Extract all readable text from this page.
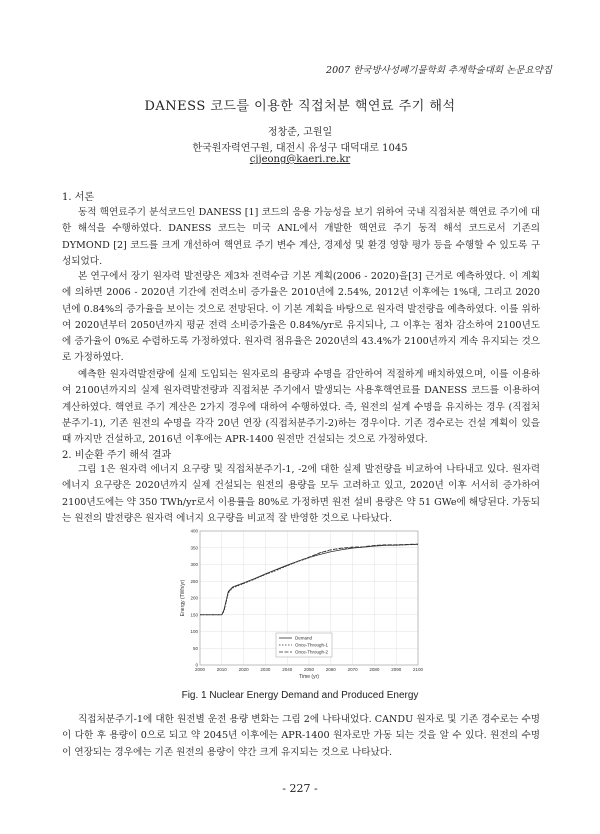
2007 한국방사성폐기물학회 추계학술대회 논문요약집
DANESS 코드를 이용한 직접처분 핵연료 주기 해석
정창준, 고원일
한국원자력연구원, 대전시 유성구 대덕대로 1045
cjjeong@kaeri.re.kr
1. 서론
동적 핵연료주기 분석코드인 DANESS [1] 코드의 응용 가능성을 보기 위하여 국내 직접처분 핵연료 주기에 대한 해석을 수행하였다. DANESS 코드는 미국 ANL에서 개발한 핵연료 주기 동적 해석 코드로서 기존의 DYMOND [2] 코드를 크게 개선하여 핵연료 주기 변수 계산, 경제성 및 환경 영향 평가 등을 수행할 수 있도록 구성되었다.
본 연구에서 장기 원자력 발전량은 제3차 전력수급 기본 계획(2006 - 2020)을[3] 근거로 예측하였다. 이 계획에 의하면 2006 - 2020년 기간에 전력소비 증가율은 2010년에 2.54%, 2012년 이후에는 1%대, 그리고 2020년에 0.84%의 증가율을 보이는 것으로 전망된다. 이 기본 계획을 바탕으로 원자력 발전량을 예측하였다. 이를 위하여 2020년부터 2050년까지 평균 전력 소비증가율은 0.84%/yr로 유지되나, 그 이후는 점차 감소하여 2100년도에 증가율이 0%로 수렴하도록 가정하였다. 원자력 점유율은 2020년의 43.4%가 2100년까지 계속 유지되는 것으로 가정하였다.
예측한 원자력발전량에 실제 도입되는 원자로의 용량과 수명을 감안하여 적절하게 배치하였으며, 이를 이용하여 2100년까지의 실제 원자력발전량과 직접처분 주기에서 발생되는 사용후핵연료를 DANESS 코드를 이용하여 계산하였다. 핵연료 주기 계산은 2가지 경우에 대하여 수행하였다. 즉, 원전의 설계 수명을 유지하는 경우 (직접처분주기-1), 기존 원전의 수명을 각각 20년 연장 (직접처분주기-2)하는 경우이다. 기존 경수로는 건설 계획이 있을 때 까지만 건설하고, 2016년 이후에는 APR-1400 원전만 건설되는 것으로 가정하였다.
2. 비순환 주기 해석 결과
그림 1은 원자력 에너지 요구량 및 직접처분주기-1, -2에 대한 실제 발전량을 비교하여 나타내고 있다. 원자력 에너지 요구량은 2020년까지 실제 건설되는 원전의 용량을 모두 고려하고 있고, 2020년 이후 서서히 증가하여 2100년도에는 약 350 TWh/yr로서 이용률을 80%로 가정하면 원전 설비 용량은 약 51 GWe에 해당된다. 가동되는 원전의 발전량은 원자력 에너지 요구량을 비교적 잘 반영한 것으로 나타났다.
0
50
100
150
200
250
300
350
400
2000	2010	2020	2030	2040	2050	2060	2070	2080	2090	2100
Time (yr)
Energy (TWh/yr)
Demand
Once-Through-1
Once-Through-2
Fig. 1 Nuclear Energy Demand and Produced Energy
직접처분주기-1에 대한 원전별 운전 용량 변화는 그림 2에 나타내었다. CANDU 원자로 및 기존 경수로는 수명이 다한 후 용량이 0으로 되고 약 2045년 이후에는 APR-1400 원자로만 가동 되는 것을 알 수 있다. 원전의 수명이 연장되는 경우에는 기존 원전의 용량이 약간 크게 유지되는 것으로 나타났다.
- 227 -
